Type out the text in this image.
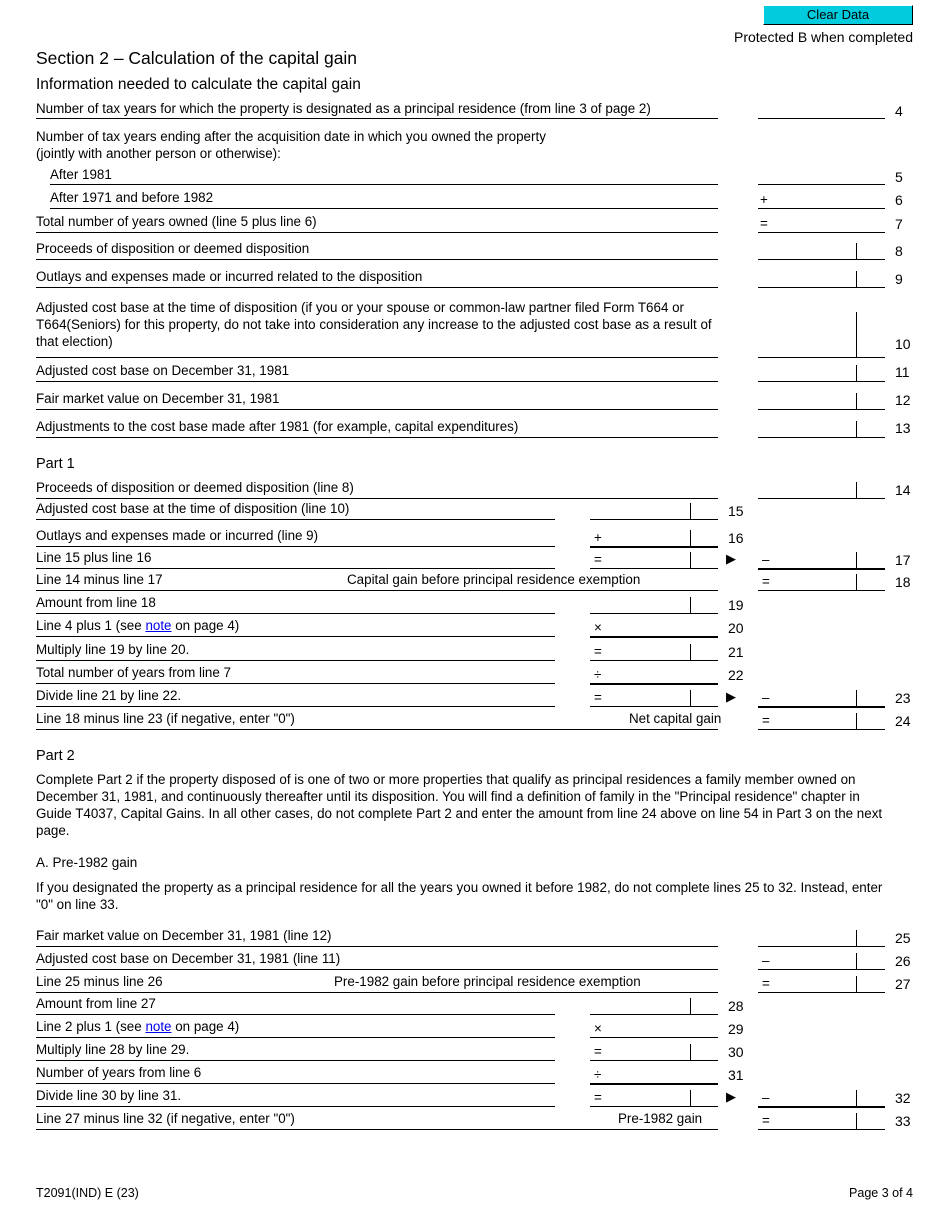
Clear Data
Protected B when completed
Section 2 – Calculation of the capital gain
Information needed to calculate the capital gain
Number of tax years for which the property is designated as a principal residence (from line 3 of page 2)	4
Number of tax years ending after the acquisition date in which you owned the property
(jointly with another person or otherwise):
After 1981	5
After 1971 and before 1982	+	6
Total number of years owned (line 5 plus line 6)	=	7
Proceeds of disposition or deemed disposition	8
Outlays and expenses made or incurred related to the disposition	9
Adjusted cost base at the time of disposition (if you or your spouse or common-law partner filed Form T664 or T664(Seniors) for this property, do not take into consideration any increase to the adjusted cost base as a result of that election)	10
Adjusted cost base on December 31, 1981	11
Fair market value on December 31, 1981	12
Adjustments to the cost base made after 1981 (for example, capital expenditures)	13
Part 1
Proceeds of disposition or deemed disposition (line 8)	14
Adjusted cost base at the time of disposition (line 10)	15
Outlays and expenses made or incurred (line 9)	+	16
Line 15 plus line 16	=	▶ –	17
Line 14 minus line 17	Capital gain before principal residence exemption	=	18
Amount from line 18	19
Line 4 plus 1 (see note on page 4)	×	20
Multiply line 19 by line 20.	=	21
Total number of years from line 7	÷	22
Divide line 21 by line 22.	=	▶ –	23
Line 18 minus line 23 (if negative, enter "0")	Net capital gain	=	24
Part 2
Complete Part 2 if the property disposed of is one of two or more properties that qualify as principal residences a family member owned on December 31, 1981, and continuously thereafter until its disposition. You will find a definition of family in the "Principal residence" chapter in Guide T4037, Capital Gains. In all other cases, do not complete Part 2 and enter the amount from line 24 above on line 54 in Part 3 on the next page.
A. Pre-1982 gain
If you designated the property as a principal residence for all the years you owned it before 1982, do not complete lines 25 to 32. Instead, enter "0" on line 33.
Fair market value on December 31, 1981 (line 12)	25
Adjusted cost base on December 31, 1981 (line 11)	–	26
Line 25 minus line 26	Pre-1982 gain before principal residence exemption	=	27
Amount from line 27	28
Line 2 plus 1 (see note on page 4)	×	29
Multiply line 28 by line 29.	=	30
Number of years from line 6	÷	31
Divide line 30 by line 31.	=	▶ –	32
Line 27 minus line 32 (if negative, enter "0")	Pre-1982 gain	=	33
T2091(IND) E (23)	Page 3 of 4
